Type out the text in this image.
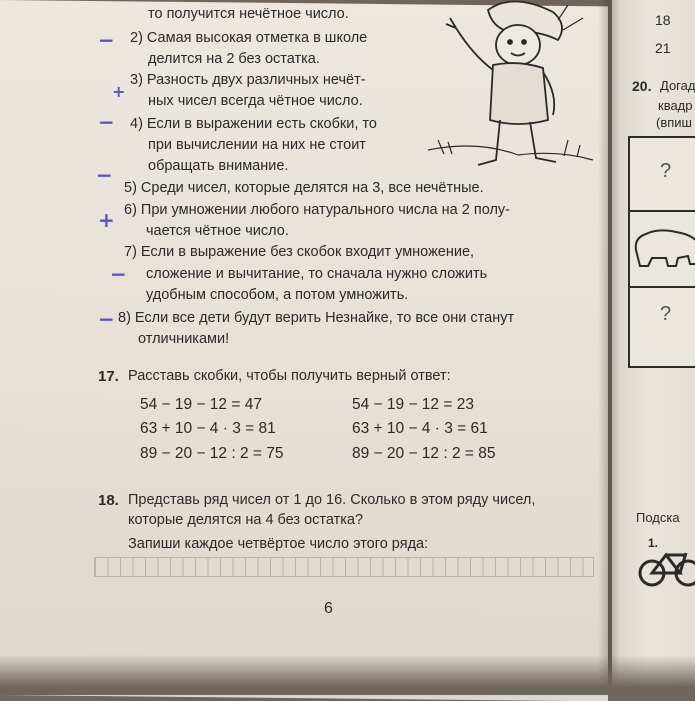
−
+
−
−
+
−
−
то получится нечётное число.
2) Самая высокая отметка в школе
делится на 2 без остатка.
3) Разность двух различных нечёт-
ных чисел всегда чётное число.
4) Если в выражении есть скобки, то
при вычислении на них не стоит
обращать внимание.
5) Среди чисел, которые делятся на 3, все нечётные.
6) При умножении любого натурального числа на 2 полу-
чается чётное число.
7) Если в выражение без скобок входит умножение,
сложение и вычитание, то сначала нужно сложить
удобным способом, а потом умножить.
8) Если все дети будут верить Незнайке, то все они станут
отличниками!
17. Расставь скобки, чтобы получить верный ответ:
54 − 19 − 12 = 47
63 + 10 − 4 · 3 = 81
89 − 20 − 12 : 2 = 75
54 − 19 − 12 = 23
63 + 10 − 4 · 3 = 61
89 − 20 − 12 : 2 = 85
18. Представь ряд чисел от 1 до 16. Сколько в этом ряду чисел,
которые делятся на 4 без остатка?
Запиши каждое четвёртое число этого ряда:
6
18
21
20. Догад
квадр
(впиш
?
?
Подска
1.
